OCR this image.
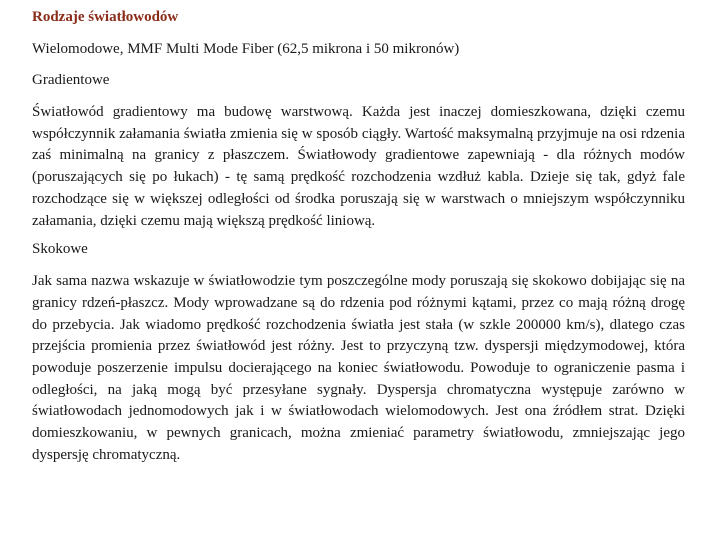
Rodzaje światłowodów
Wielomodowe, MMF Multi Mode Fiber (62,5 mikrona i 50 mikronów)
Gradientowe

Światłowód gradientowy ma budowę warstwową. Każda jest inaczej domieszkowana, dzięki czemu współczynnik załamania światła zmienia się w sposób ciągły. Wartość maksymalną przyjmuje na osi rdzenia zaś minimalną na granicy z płaszczem. Światłowody gradientowe zapewniają - dla różnych modów (poruszających się po łukach) - tę samą prędkość rozchodzenia wzdłuż kabla. Dzieje się tak, gdyż fale rozchodzące się w większej odległości od środka poruszają się w warstwach o mniejszym współczynniku załamania, dzięki czemu mają większą prędkość liniową.

Skokowe

Jak sama nazwa wskazuje w światłowodzie tym poszczególne mody poruszają się skokowo dobijając się na granicy rdzeń-płaszcz. Mody wprowadzane są do rdzenia pod różnymi kątami, przez co mają różną drogę do przebycia. Jak wiadomo prędkość rozchodzenia światła jest stała (w szkle 200000 km/s), dlatego czas przejścia promienia przez światłowód jest różny. Jest to przyczyną tzw. dyspersji międzymodowej, która powoduje poszerzenie impulsu docierającego na koniec światłowodu. Powoduje to ograniczenie pasma i odległości, na jaką mogą być przesyłane sygnały. Dyspersja chromatyczna występuje zarówno w światłowodach jednomodowych jak i w światłowodach wielomodowych. Jest ona źródłem strat. Dzięki domieszkowaniu, w pewnych granicach, można zmieniać parametry światłowodu, zmniejszając jego dyspersję chromatyczną.
